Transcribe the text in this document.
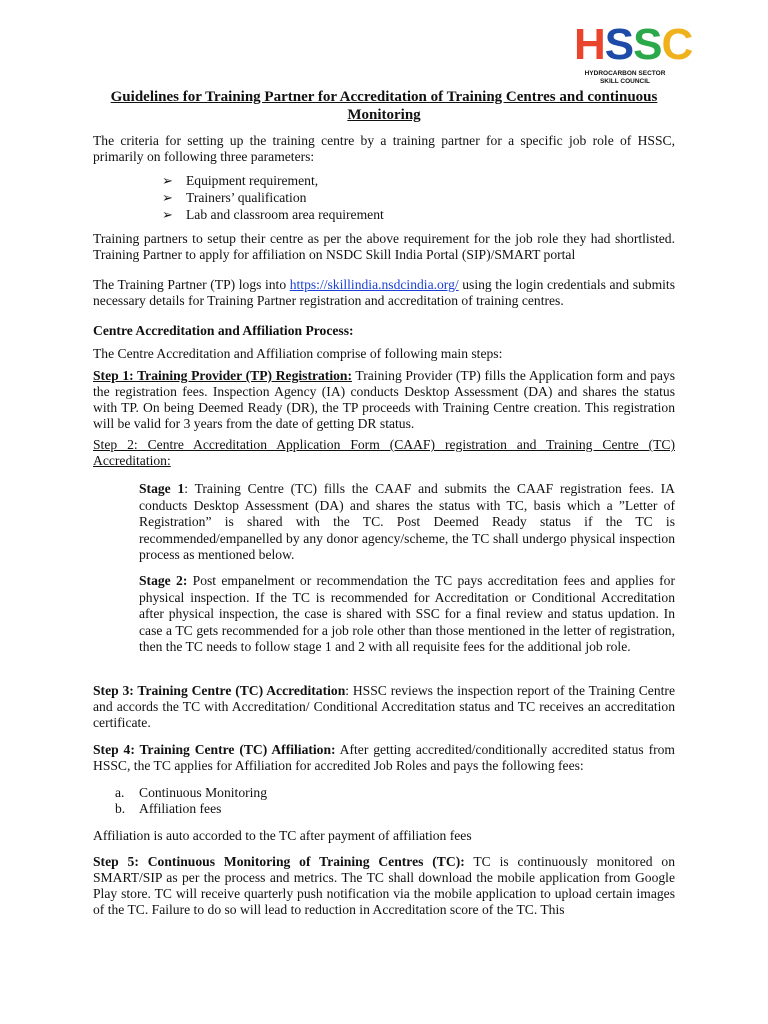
H S S C
HYDROCARBON SECTOR
SKILL COUNCIL
Guidelines for Training Partner for Accreditation of Training Centres and continuous Monitoring
The criteria for setting up the training centre by a training partner for a specific job role of HSSC, primarily on following three parameters:
➢ Equipment requirement,
➢ Trainers’ qualification
➢ Lab and classroom area requirement
Training partners to setup their centre as per the above requirement for the job role they had shortlisted. Training Partner to apply for affiliation on NSDC Skill India Portal (SIP)/SMART portal
The Training Partner (TP) logs into https://skillindia.nsdcindia.org/ using the login credentials and submits necessary details for Training Partner registration and accreditation of training centres.
Centre Accreditation and Affiliation Process:
The Centre Accreditation and Affiliation comprise of following main steps:
Step 1: Training Provider (TP) Registration: Training Provider (TP) fills the Application form and pays the registration fees. Inspection Agency (IA) conducts Desktop Assessment (DA) and shares the status with TP. On being Deemed Ready (DR), the TP proceeds with Training Centre creation. This registration will be valid for 3 years from the date of getting DR status.
Step 2: Centre Accreditation Application Form (CAAF) registration and Training Centre (TC) Accreditation:
Stage 1: Training Centre (TC) fills the CAAF and submits the CAAF registration fees. IA conducts Desktop Assessment (DA) and shares the status with TC, basis which a ”Letter of Registration” is shared with the TC. Post Deemed Ready status if the TC is recommended/empanelled by any donor agency/scheme, the TC shall undergo physical inspection process as mentioned below.
Stage 2: Post empanelment or recommendation the TC pays accreditation fees and applies for physical inspection. If the TC is recommended for Accreditation or Conditional Accreditation after physical inspection, the case is shared with SSC for a final review and status updation. In case a TC gets recommended for a job role other than those mentioned in the letter of registration, then the TC needs to follow stage 1 and 2 with all requisite fees for the additional job role.
Step 3: Training Centre (TC) Accreditation: HSSC reviews the inspection report of the Training Centre and accords the TC with Accreditation/ Conditional Accreditation status and TC receives an accreditation certificate.
Step 4: Training Centre (TC) Affiliation: After getting accredited/conditionally accredited status from HSSC, the TC applies for Affiliation for accredited Job Roles and pays the following fees:
a. Continuous Monitoring
b. Affiliation fees
Affiliation is auto accorded to the TC after payment of affiliation fees
Step 5: Continuous Monitoring of Training Centres (TC): TC is continuously monitored on SMART/SIP as per the process and metrics. The TC shall download the mobile application from Google Play store. TC will receive quarterly push notification via the mobile application to upload certain images of the TC. Failure to do so will lead to reduction in Accreditation score of the TC. This
